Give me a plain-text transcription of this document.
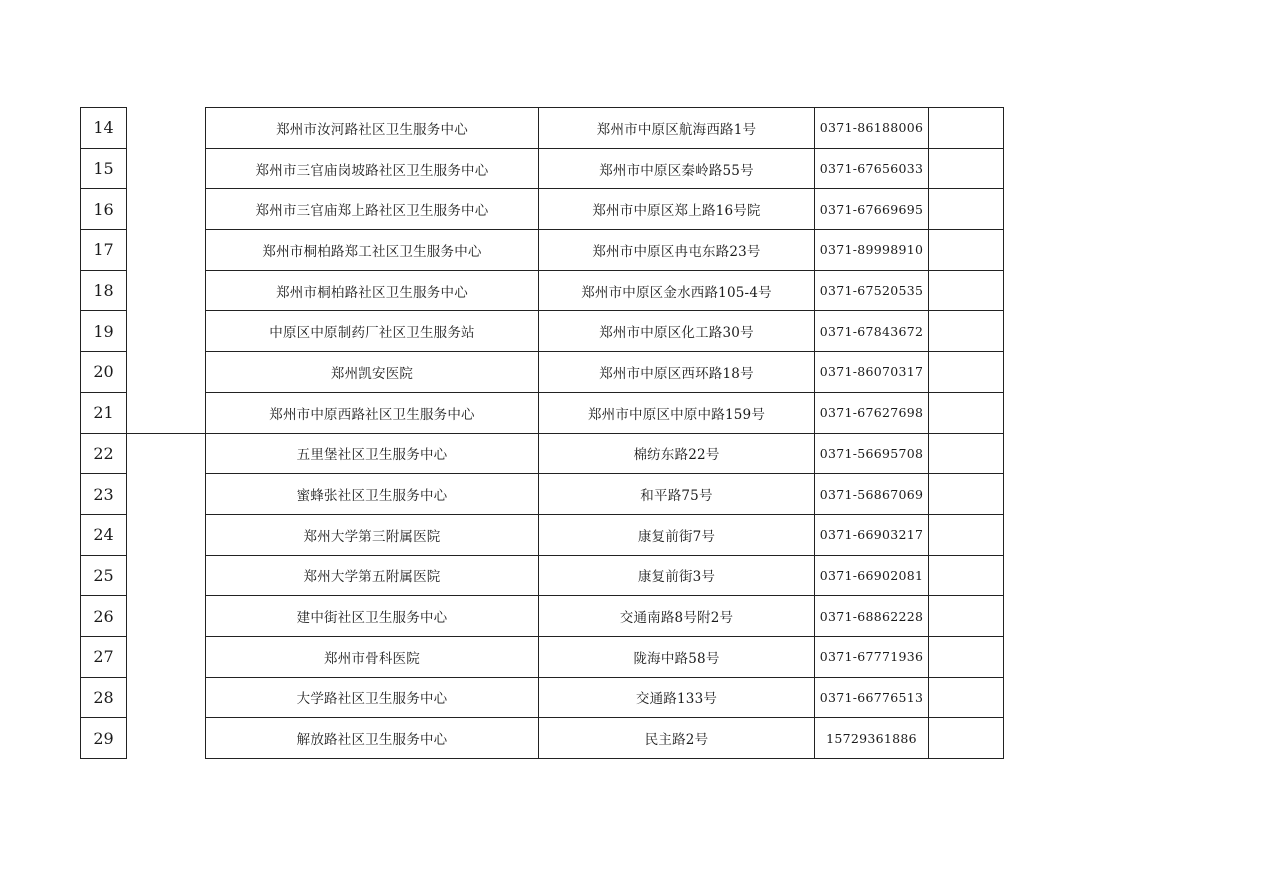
14		郑州市汝河路社区卫生服务中心	郑州市中原区航海西路1号	0371-86188006	
15		郑州市三官庙岗坡路社区卫生服务中心	郑州市中原区秦岭路55号	0371-67656033	
16		郑州市三官庙郑上路社区卫生服务中心	郑州市中原区郑上路16号院	0371-67669695	
17		郑州市桐柏路郑工社区卫生服务中心	郑州市中原区冉屯东路23号	0371-89998910	
18		郑州市桐柏路社区卫生服务中心	郑州市中原区金水西路105-4号	0371-67520535	
19		中原区中原制药厂社区卫生服务站	郑州市中原区化工路30号	0371-67843672	
20		郑州凯安医院	郑州市中原区西环路18号	0371-86070317	
21		郑州市中原西路社区卫生服务中心	郑州市中原区中原中路159号	0371-67627698	
22		五里堡社区卫生服务中心	棉纺东路22号	0371-56695708	
23		蜜蜂张社区卫生服务中心	和平路75号	0371-56867069	
24		郑州大学第三附属医院	康复前街7号	0371-66903217	
25		郑州大学第五附属医院	康复前街3号	0371-66902081	
26		建中街社区卫生服务中心	交通南路8号附2号	0371-68862228	
27		郑州市骨科医院	陇海中路58号	0371-67771936	
28		大学路社区卫生服务中心	交通路133号	0371-66776513	
29		解放路社区卫生服务中心	民主路2号	15729361886	
